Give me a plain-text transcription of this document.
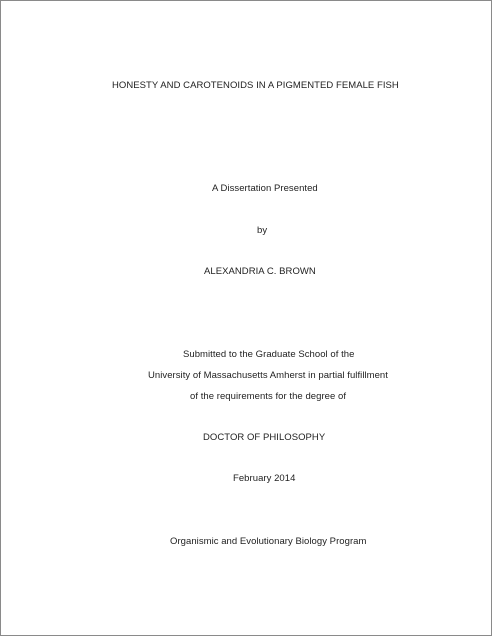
HONESTY AND CAROTENOIDS IN A PIGMENTED FEMALE FISH
A Dissertation Presented
by
ALEXANDRIA C. BROWN
Submitted to the Graduate School of the
University of Massachusetts Amherst in partial fulfillment
of the requirements for the degree of
DOCTOR OF PHILOSOPHY
February 2014
Organismic and Evolutionary Biology Program
